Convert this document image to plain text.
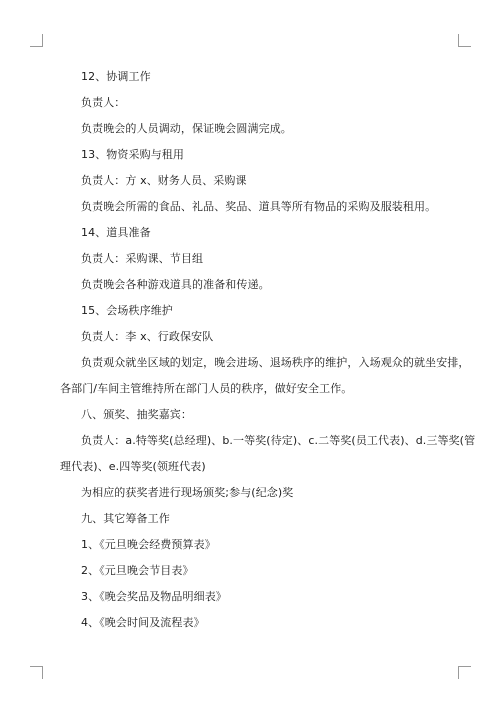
12、协调工作
负责人：
负责晚会的人员调动，保证晚会圆满完成。
13、物资采购与租用
负责人：方 x、财务人员、采购课
负责晚会所需的食品、礼品、奖品、道具等所有物品的采购及服装租用。
14、道具准备
负责人：采购课、节目组
负责晚会各种游戏道具的准备和传递。
15、会场秩序维护
负责人：李 x、行政保安队
负责观众就坐区域的划定，晚会进场、退场秩序的维护，入场观众的就坐安排，
各部门/车间主管维持所在部门人员的秩序，做好安全工作。
八、颁奖、抽奖嘉宾：
负责人：a.特等奖(总经理)、b.一等奖(待定)、c.二等奖(员工代表)、d.三等奖(管
理代表)、e.四等奖(领班代表)
为相应的获奖者进行现场颁奖;参与(纪念)奖
九、其它筹备工作
1、《元旦晚会经费预算表》
2、《元旦晚会节目表》
3、《晚会奖品及物品明细表》
4、《晚会时间及流程表》
